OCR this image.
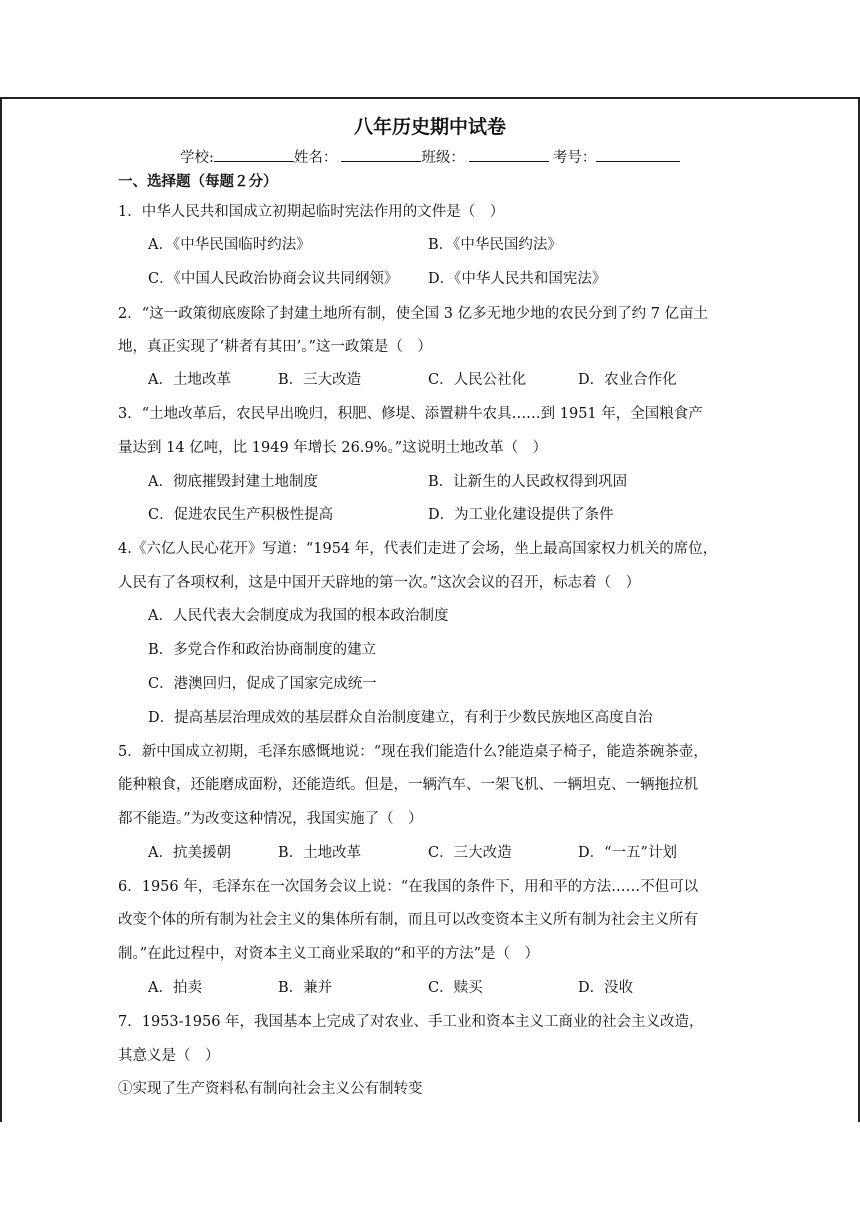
八年历史期中试卷
学校:	姓名：	班级：	考号：
一、选择题（每题２分）
1．中华人民共和国成立初期起临时宪法作用的文件是（　）
A．《中华民国临时约法》	B．《中华民国约法》
C．《中国人民政治协商会议共同纲领》 D．《中华人民共和国宪法》
2．“这一政策彻底废除了封建土地所有制，使全国 3 亿多无地少地的农民分到了约 7 亿亩土
地，真正实现了‘耕者有其田’。”这一政策是（　）
A．土地改革	B．三大改造	C．人民公社化	D．农业合作化
3．“土地改革后，农民早出晚归，积肥、修堤、添置耕牛农具……到 1951 年，全国粮食产
量达到 14 亿吨，比 1949 年增长 26.9%。”这说明土地改革（　）
A．彻底摧毁封建土地制度	B．让新生的人民政权得到巩固
C．促进农民生产积极性提高	D．为工业化建设提供了条件
4.《六亿人民心花开》写道：“1954 年，代表们走进了会场，坐上最高国家权力机关的席位，
人民有了各项权利，这是中国开天辟地的第一次。”这次会议的召开，标志着（　）
A．人民代表大会制度成为我国的根本政治制度
B．多党合作和政治协商制度的建立
C．港澳回归，促成了国家完成统一
D．提高基层治理成效的基层群众自治制度建立，有利于少数民族地区高度自治
5．新中国成立初期，毛泽东感慨地说：“现在我们能造什么?能造桌子椅子，能造茶碗茶壶，
能种粮食，还能磨成面粉，还能造纸。但是，一辆汽车、一架飞机、一辆坦克、一辆拖拉机
都不能造。”为改变这种情况，我国实施了（　）
A．抗美援朝	B．土地改革	C．三大改造	D．“一五”计划
6．1956 年，毛泽东在一次国务会议上说：“在我国的条件下，用和平的方法……不但可以
改变个体的所有制为社会主义的集体所有制，而且可以改变资本主义所有制为社会主义所有
制。”在此过程中，对资本主义工商业采取的“和平的方法”是（　）
A．拍卖	B．兼并	C．赎买	D．没收
7．1953-1956 年，我国基本上完成了对农业、手工业和资本主义工商业的社会主义改造，
其意义是（　）
①实现了生产资料私有制向社会主义公有制转变
